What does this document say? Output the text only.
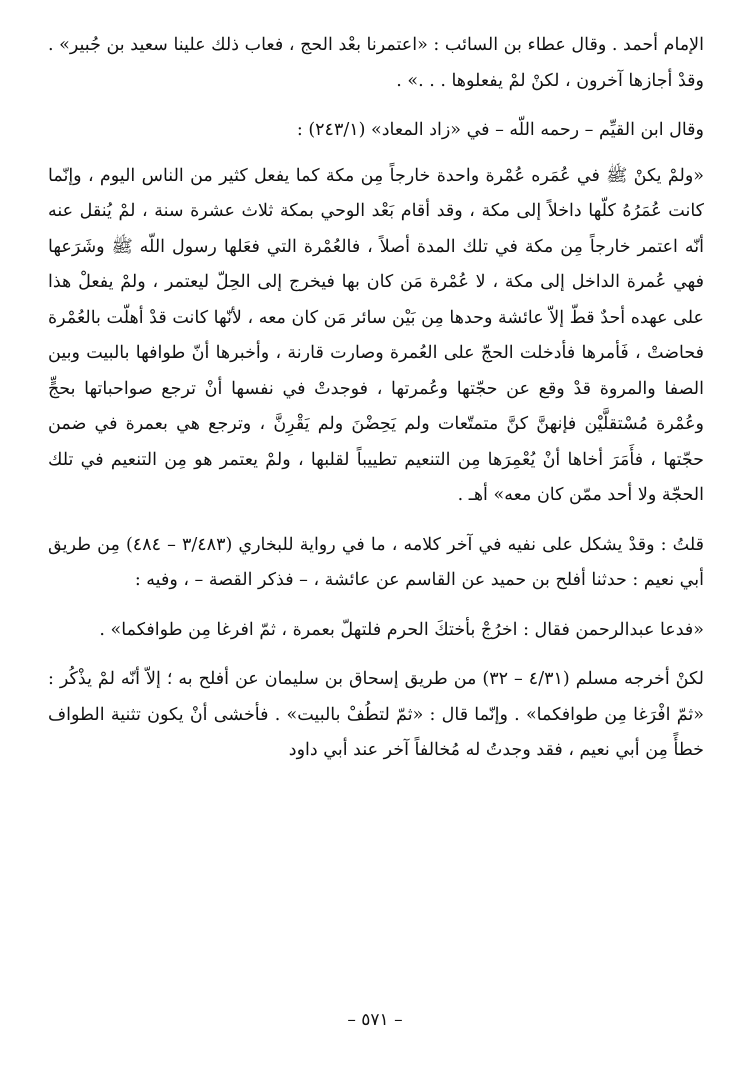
الإمام أحمد . وقال عطاء بن السائب : «اعتمرنا بعْد الحج ، فعاب ذلك علينا سعيد بن جُبير» . وقدْ أجازها آخرون ، لكنْ لمْ يفعلوها . . .» .

وقال ابن القيِّم – رحمه اللّه – في «زاد المعاد» (٢٤٣/١) :

«ولمْ يكنْ ﷺ في عُمَره عُمْرة واحدة خارجاً مِن مكة كما يفعل كثير من الناس اليوم ، وإنّما كانت عُمَرُهُ كلّها داخلاً إلى مكة ، وقد أقام بَعْد الوحي بمكة ثلاث عشرة سنة ، لمْ يُنقل عنه أنّه اعتمر خارجاً مِن مكة في تلك المدة أصلاً ، فالعُمْرة التي فعَلها رسول اللّه ﷺ وشَرَعها فهي عُمرة الداخل إلى مكة ، لا عُمْرة مَن كان بها فيخرج إلى الحِلّ ليعتمر ، ولمْ يفعلْ هذا على عهده أحدٌ قطّ إلاّ عائشة وحدها مِن بَيْن سائر مَن كان معه ، لأنّها كانت قدْ أهلّت بالعُمْرة فحاضتْ ، فَأمرها فأدخلت الحجّ على العُمرة وصارت قارنة ، وأخبرها أنّ طوافها بالبيت وبين الصفا والمروة قدْ وقع عن حجّتها وعُمرتها ، فوجدتْ في نفسها أنْ ترجع صواحباتها بحجٍّ وعُمْرة مُسْتقلَّيْن فإنهنَّ كنَّ متمتّعات ولم يَحِضْنَ ولم يَقْرِنَّ ، وترجع هي بعمرة في ضمن حجّتها ، فأَمَرَ أخاها أنْ يُعْمِرَها مِن التنعيم تطييباً لقلبها ، ولمْ يعتمر هو مِن التنعيم في تلك الحجّة ولا أحد ممّن كان معه» أهـ .

قلتُ : وقدْ يشكل على نفيه في آخر كلامه ، ما في رواية للبخاري (٣/٤٨٣ – ٤٨٤) مِن طريق أبي نعيم : حدثنا أفلح بن حميد عن القاسم عن عائشة ، – فذكر القصة – ، وفيه :

«فدعا عبدالرحمن فقال : اخرُجْ بأختكَ الحرم فلتهلّ بعمرة ، ثمّ افرغا مِن طوافكما» .

لكنْ أخرجه مسلم (٤/٣١ – ٣٢) من طريق إسحاق بن سليمان عن أفلح به ؛ إلاّ أنّه لمْ يذْكُر : «ثمّ افْرَغا مِن طوافكما» . وإنّما قال : «ثمّ لتطُفْ بالبيت» . فأخشى أنْ يكون تثنية الطواف خطأً مِن أبي نعيم ، فقد وجدتُ له مُخالفاً آخر عند أبي داود

– ٥٧١ –
